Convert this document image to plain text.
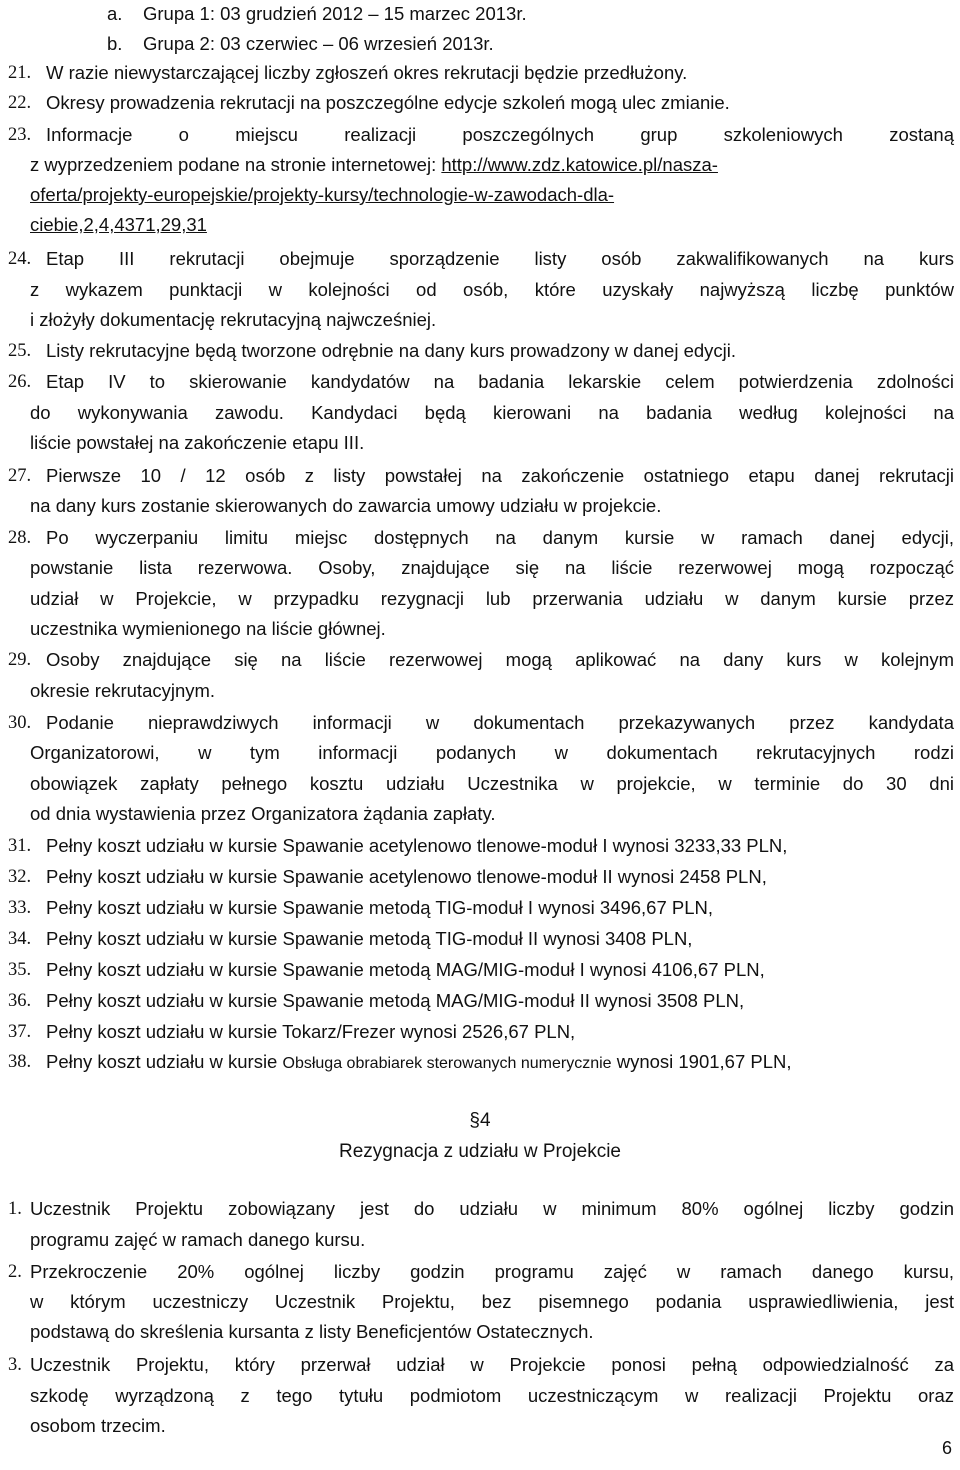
a. Grupa 1: 03 grudzień 2012 – 15 marzec 2013r.
b. Grupa 2: 03 czerwiec – 06 wrzesień 2013r.
21. W razie niewystarczającej liczby zgłoszeń okres rekrutacji będzie przedłużony.
22. Okresy prowadzenia rekrutacji na poszczególne edycje szkoleń mogą ulec zmianie.
23. Informacje o miejscu realizacji poszczególnych grup szkoleniowych zostaną
z wyprzedzeniem podane na stronie internetowej: http://www.zdz.katowice.pl/nasza-
oferta/projekty-europejskie/projekty-kursy/technologie-w-zawodach-dla-
ciebie,2,4,4371,29,31
24. Etap III rekrutacji obejmuje sporządzenie listy osób zakwalifikowanych na kurs
z wykazem punktacji w kolejności od osób, które uzyskały najwyższą liczbę punktów
i złożyły dokumentację rekrutacyjną najwcześniej.
25. Listy rekrutacyjne będą tworzone odrębnie na dany kurs prowadzony w danej edycji.
26. Etap IV to skierowanie kandydatów na badania lekarskie celem potwierdzenia zdolności
do wykonywania zawodu. Kandydaci będą kierowani na badania według kolejności na
liście powstałej na zakończenie etapu III.
27. Pierwsze 10 / 12 osób z listy powstałej na zakończenie ostatniego etapu danej rekrutacji
na dany kurs zostanie skierowanych do zawarcia umowy udziału w projekcie.
28. Po wyczerpaniu limitu miejsc dostępnych na danym kursie w ramach danej edycji,
powstanie lista rezerwowa. Osoby, znajdujące się na liście rezerwowej mogą rozpocząć
udział w Projekcie, w przypadku rezygnacji lub przerwania udziału w danym kursie przez
uczestnika wymienionego na liście głównej.
29. Osoby znajdujące się na liście rezerwowej mogą aplikować na dany kurs w kolejnym
okresie rekrutacyjnym.
30. Podanie nieprawdziwych informacji w dokumentach przekazywanych przez kandydata
Organizatorowi, w tym informacji podanych w dokumentach rekrutacyjnych rodzi
obowiązek zapłaty pełnego kosztu udziału Uczestnika w projekcie, w terminie do 30 dni
od dnia wystawienia przez Organizatora żądania zapłaty.
31. Pełny koszt udziału w kursie Spawanie acetylenowo tlenowe-moduł I wynosi 3233,33 PLN,
32. Pełny koszt udziału w kursie Spawanie acetylenowo tlenowe-moduł II wynosi 2458 PLN,
33. Pełny koszt udziału w kursie Spawanie metodą TIG-moduł I wynosi 3496,67 PLN,
34. Pełny koszt udziału w kursie Spawanie metodą TIG-moduł II wynosi 3408 PLN,
35. Pełny koszt udziału w kursie Spawanie metodą MAG/MIG-moduł I wynosi 4106,67 PLN,
36. Pełny koszt udziału w kursie Spawanie metodą MAG/MIG-moduł II wynosi 3508 PLN,
37. Pełny koszt udziału w kursie Tokarz/Frezer wynosi 2526,67 PLN,
38. Pełny koszt udziału w kursie Obsługa obrabiarek sterowanych numerycznie wynosi 1901,67 PLN,
§4
Rezygnacja z udziału w Projekcie
1. Uczestnik Projektu zobowiązany jest do udziału w minimum 80% ogólnej liczby godzin
programu zajęć w ramach danego kursu.
2. Przekroczenie 20% ogólnej liczby godzin programu zajęć w ramach danego kursu,
w którym uczestniczy Uczestnik Projektu, bez pisemnego podania usprawiedliwienia, jest
podstawą do skreślenia kursanta z listy Beneficjentów Ostatecznych.
3. Uczestnik Projektu, który przerwał udział w Projekcie ponosi pełną odpowiedzialność za
szkodę wyrządzoną z tego tytułu podmiotom uczestniczącym w realizacji Projektu oraz
osobom trzecim.
6
